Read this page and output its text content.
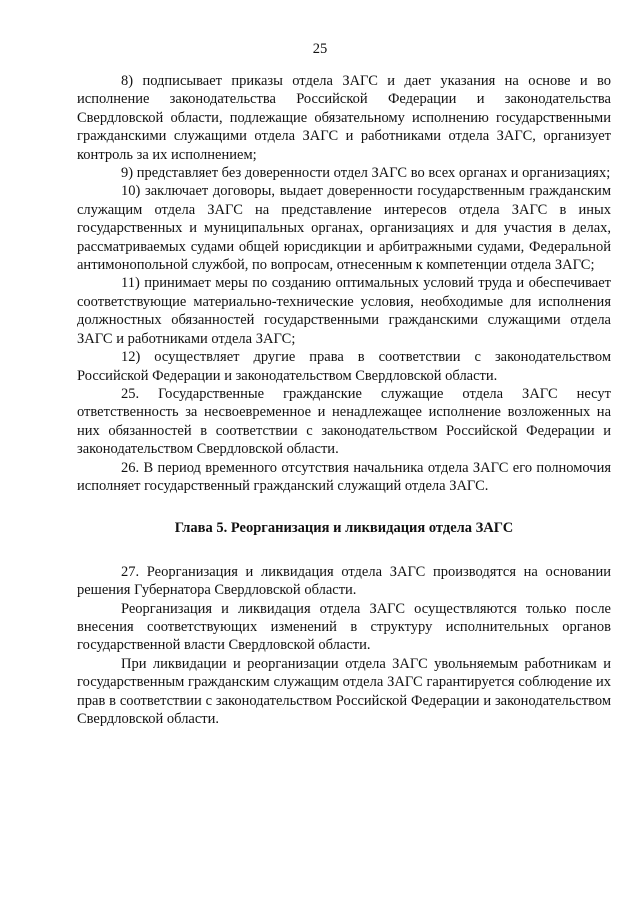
25

8) подписывает приказы отдела ЗАГС и дает указания на основе и во исполнение законодательства Российской Федерации и законодательства Свердловской области, подлежащие обязательному исполнению государственными гражданскими служащими отдела ЗАГС и работниками отдела ЗАГС, организует контроль за их исполнением;

9) представляет без доверенности отдел ЗАГС во всех органах и организациях;

10) заключает договоры, выдает доверенности государственным гражданским служащим отдела ЗАГС на представление интересов отдела ЗАГС в иных государственных и муниципальных органах, организациях и для участия в делах, рассматриваемых судами общей юрисдикции и арбитражными судами, Федеральной антимонопольной службой, по вопросам, отнесенным к компетенции отдела ЗАГС;

11) принимает меры по созданию оптимальных условий труда и обеспечивает соответствующие материально-технические условия, необходимые для исполнения должностных обязанностей государственными гражданскими служащими отдела ЗАГС и работниками отдела ЗАГС;

12) осуществляет другие права в соответствии с законодательством Российской Федерации и законодательством Свердловской области.

25. Государственные гражданские служащие отдела ЗАГС несут ответственность за несвоевременное и ненадлежащее исполнение возложенных на них обязанностей в соответствии с законодательством Российской Федерации и законодательством Свердловской области.

26. В период временного отсутствия начальника отдела ЗАГС его полномочия исполняет государственный гражданский служащий отдела ЗАГС.

Глава 5. Реорганизация и ликвидация отдела ЗАГС

27. Реорганизация и ликвидация отдела ЗАГС производятся на основании решения Губернатора Свердловской области.

Реорганизация и ликвидация отдела ЗАГС осуществляются только после внесения соответствующих изменений в структуру исполнительных органов государственной власти Свердловской области.

При ликвидации и реорганизации отдела ЗАГС увольняемым работникам и государственным гражданским служащим отдела ЗАГС гарантируется соблюдение их прав в соответствии с законодательством Российской Федерации и законодательством Свердловской области.
